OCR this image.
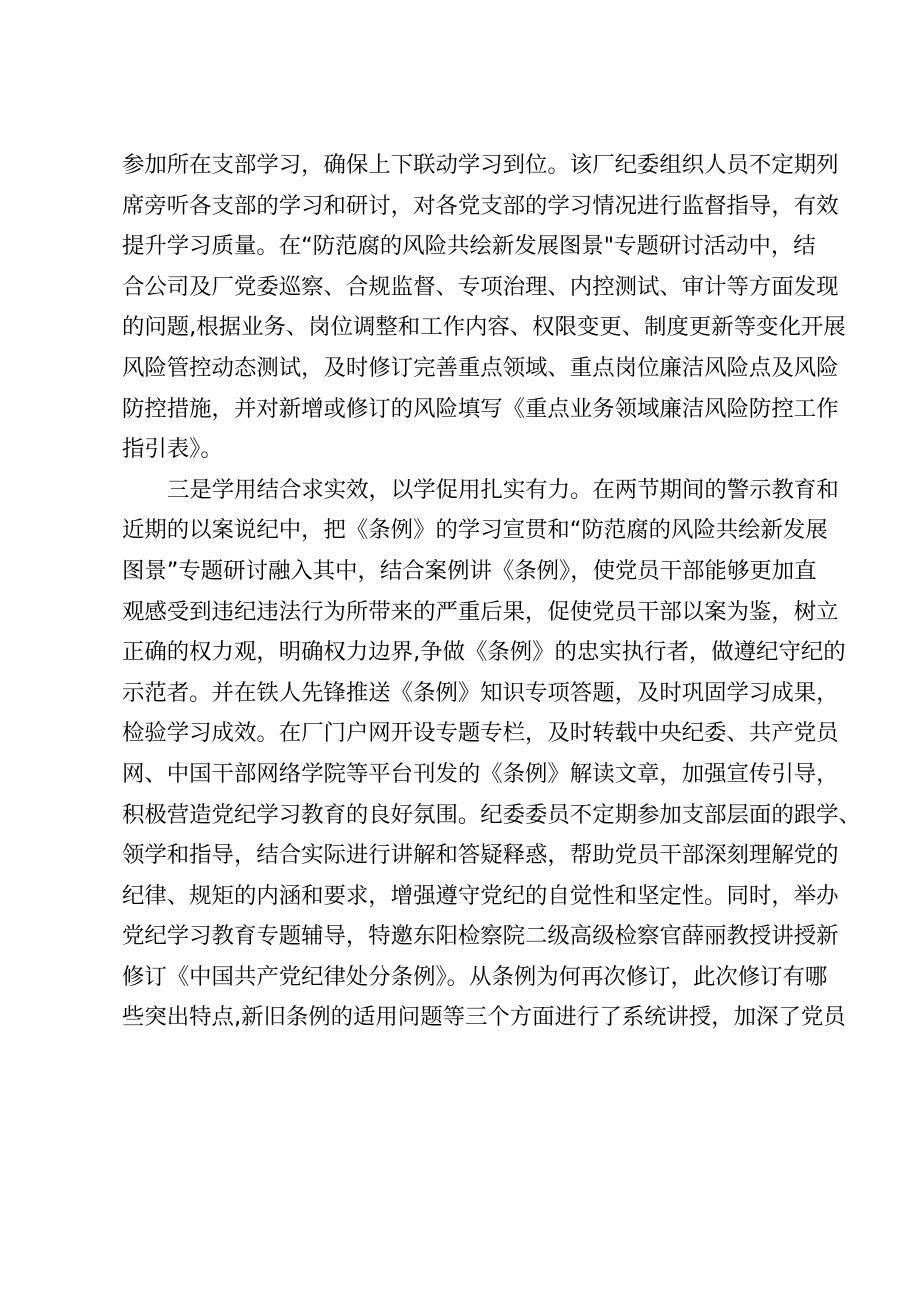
参加所在支部学习，确保上下联动学习到位。该厂纪委组织人员不定期列
席旁听各支部的学习和研讨，对各党支部的学习情况进行监督指导，有效
提升学习质量。在“防范腐的风险共绘新发展图景"专题研讨活动中，结
合公司及厂党委巡察、合规监督、专项治理、内控测试、审计等方面发现
的问题,根据业务、岗位调整和工作内容、权限变更、制度更新等变化开展
风险管控动态测试，及时修订完善重点领域、重点岗位廉洁风险点及风险
防控措施，并对新增或修订的风险填写《重点业务领域廉洁风险防控工作
指引表》。
三是学用结合求实效，以学促用扎实有力。在两节期间的警示教育和
近期的以案说纪中，把《条例》的学习宣贯和“防范腐的风险共绘新发展
图景”专题研讨融入其中，结合案例讲《条例》，使党员干部能够更加直
观感受到违纪违法行为所带来的严重后果，促使党员干部以案为鉴，树立
正确的权力观，明确权力边界,争做《条例》的忠实执行者，做遵纪守纪的
示范者。并在铁人先锋推送《条例》知识专项答题，及时巩固学习成果，
检验学习成效。在厂门户网开设专题专栏，及时转载中央纪委、共产党员
网、中国干部网络学院等平台刊发的《条例》解读文章，加强宣传引导，
积极营造党纪学习教育的良好氛围。纪委委员不定期参加支部层面的跟学、
领学和指导，结合实际进行讲解和答疑释惑，帮助党员干部深刻理解党的
纪律、规矩的内涵和要求，增强遵守党纪的自觉性和坚定性。同时，举办
党纪学习教育专题辅导，特邀东阳检察院二级高级检察官薛丽教授讲授新
修订《中国共产党纪律处分条例》。从条例为何再次修订，此次修订有哪
些突出特点,新旧条例的适用问题等三个方面进行了系统讲授，加深了党员
